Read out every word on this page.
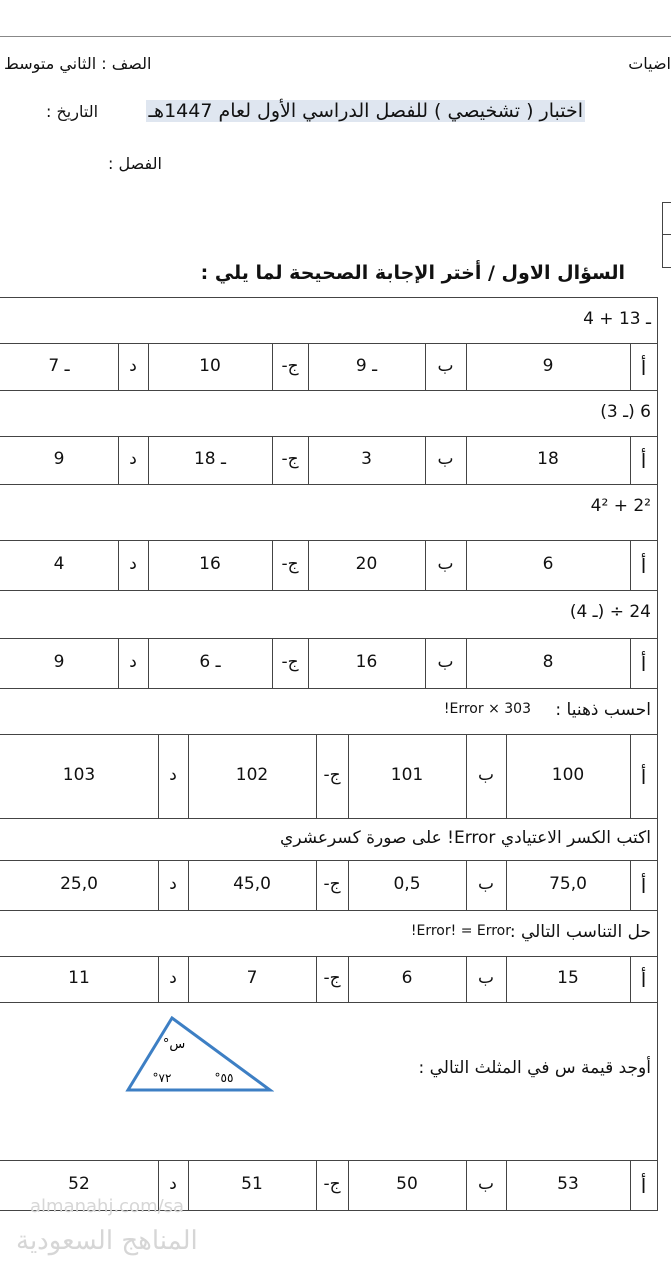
اضيات
الصف : الثاني متوسط
اختبار ( تشخيصي ) للفصل الدراسي الأول لعام 1447هـ
التاريخ :
الفصل :
السؤال الاول / أختر الإجابة الصحيحة لما يلي :
ـ 13 + 4
أ
9
ب
ـ 9
ج-
10
د
ـ 7
6 (ـ 3)
أ
18
ب
3
ج-
ـ 18
د
9
2² + 4²
أ
6
ب
20
ج-
16
د
4
24 ÷ (ـ 4)
أ
8
ب
16
ج-
ـ 6
د
9
احسب ذهنيا :
303 × Error!
أ
100
ب
101
ج-
102
د
103
اكتب الكسر الاعتيادي Error! على صورة كسرعشري
أ
75,0
ب
0,5
ج-
45,0
د
25,0
حل التناسب التالي :
Error! = Error!
أ
15
ب
6
ج-
7
د
11
أوجد قيمة س في المثلث التالي :
أ
53
ب
50
ج-
51
د
52
س°
٧٢°	٥٥°
almanahj.com/sa
المناهج السعودية
